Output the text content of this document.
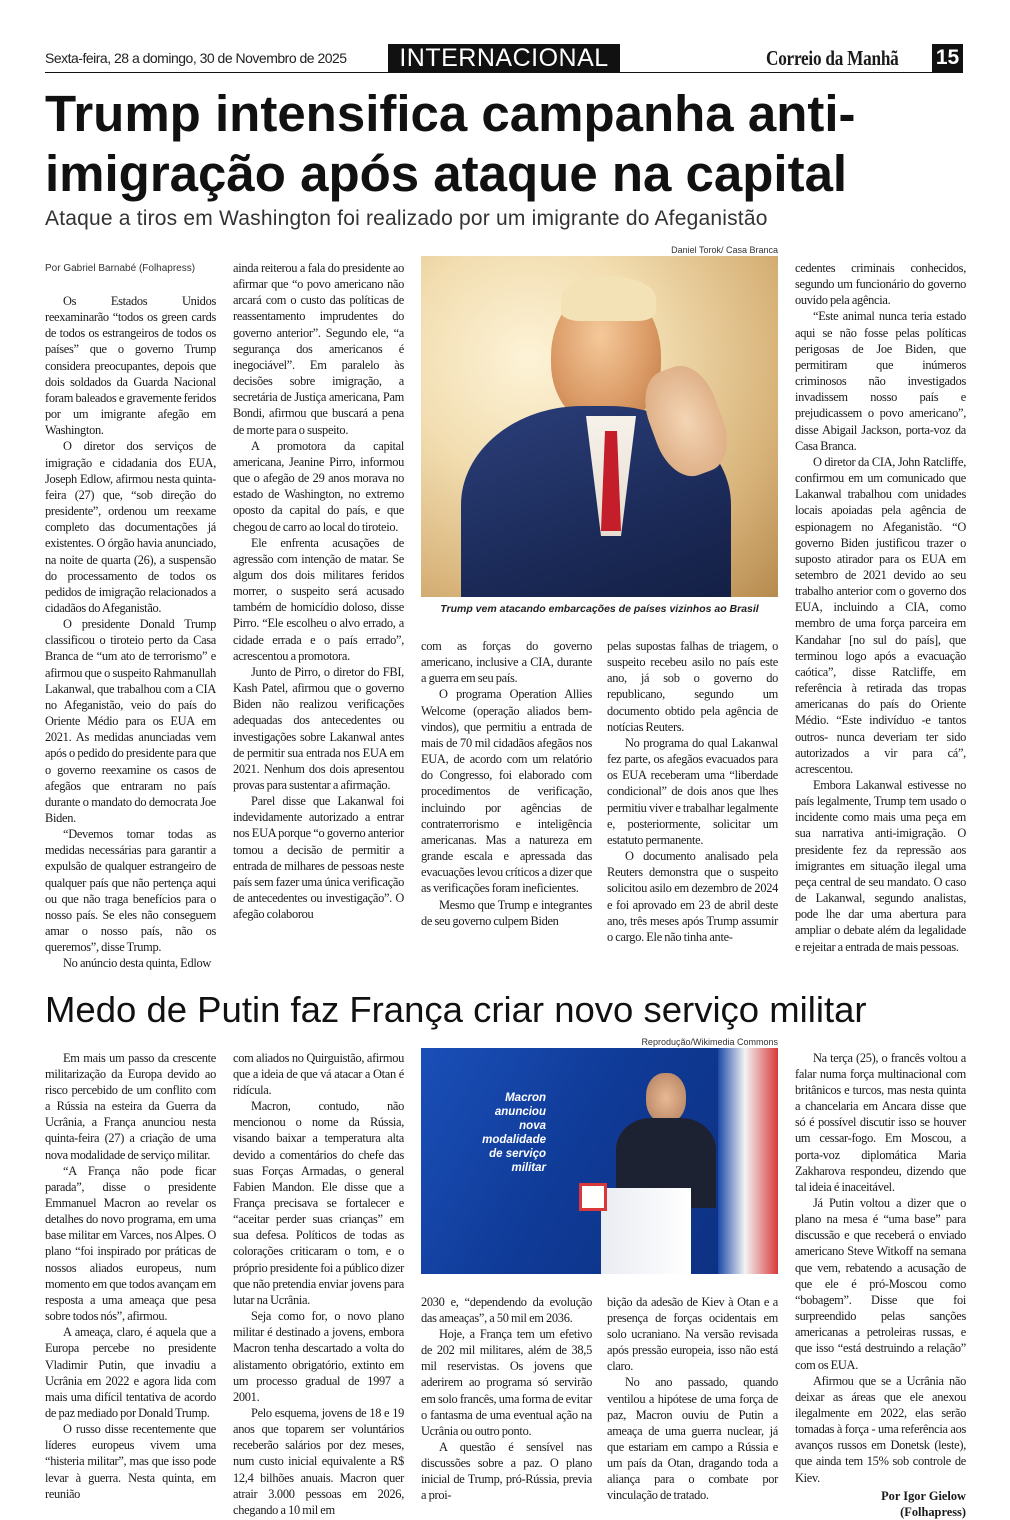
Sexta-feira, 28 a domingo, 30 de Novembro de 2025	INTERNACIONAL	Correio da Manhã 15
Trump intensifica campanha anti-
imigração após ataque na capital
Ataque a tiros em Washington foi realizado por um imigrante do Afeganistão
Por Gabriel Barnabé (Folhapress)

Os Estados Unidos reexaminarão “todos os green cards de todos os estrangeiros de todos os países” que o governo Trump considera preocupantes, depois que dois soldados da Guarda Nacional foram baleados e gravemente feridos por um imigrante afegão em Washington.

O diretor dos serviços de imigração e cidadania dos EUA, Joseph Edlow, afirmou nesta quinta-feira (27) que, “sob direção do presidente”, ordenou um reexame completo das documentações já existentes. O órgão havia anunciado, na noite de quarta (26), a suspensão do processamento de todos os pedidos de imigração relacionados a cidadãos do Afeganistão.

O presidente Donald Trump classificou o tiroteio perto da Casa Branca de “um ato de terrorismo” e afirmou que o suspeito Rahmanullah Lakanwal, que trabalhou com a CIA no Afeganistão, veio do país do Oriente Médio para os EUA em 2021. As medidas anunciadas vem após o pedido do presidente para que o governo reexamine os casos de afegãos que entraram no país durante o mandato do democrata Joe Biden.

“Devemos tomar todas as medidas necessárias para garantir a expulsão de qualquer estrangeiro de qualquer país que não pertença aqui ou que não traga benefícios para o nosso país. Se eles não conseguem amar o nosso país, não os queremos”, disse Trump.

No anúncio desta quinta, Edlow

ainda reiterou a fala do presidente ao afirmar que “o povo americano não arcará com o custo das políticas de reassentamento imprudentes do governo anterior”. Segundo ele, “a segurança dos americanos é inegociável”. Em paralelo às decisões sobre imigração, a secretária de Justiça americana, Pam Bondi, afirmou que buscará a pena de morte para o suspeito.

A promotora da capital americana, Jeanine Pirro, informou que o afegão de 29 anos morava no estado de Washington, no extremo oposto da capital do país, e que chegou de carro ao local do tiroteio.

Ele enfrenta acusações de agressão com intenção de matar. Se algum dos dois militares feridos morrer, o suspeito será acusado também de homicídio doloso, disse Pirro. “Ele escolheu o alvo errado, a cidade errada e o país errado”, acrescentou a promotora.

Junto de Pirro, o diretor do FBI, Kash Patel, afirmou que o governo Biden não realizou verificações adequadas dos antecedentes ou investigações sobre Lakanwal antes de permitir sua entrada nos EUA em 2021. Nenhum dos dois apresentou provas para sustentar a afirmação.

Parel disse que Lakanwal foi indevidamente autorizado a entrar nos EUA porque “o governo anterior tomou a decisão de permitir a entrada de milhares de pessoas neste país sem fazer uma única verificação de antecedentes ou investigação”. O afegão colaborou

Daniel Torok/ Casa Branca
Trump vem atacando embarcações de países vizinhos ao Brasil

com as forças do governo americano, inclusive a CIA, durante a guerra em seu país.

O programa Operation Allies Welcome (operação aliados bem-vindos), que permitiu a entrada de mais de 70 mil cidadãos afegãos nos EUA, de acordo com um relatório do Congresso, foi elaborado com procedimentos de verificação, incluindo por agências de contraterrorismo e inteligência americanas. Mas a natureza em grande escala e apressada das evacuações levou críticos a dizer que as verificações foram ineficientes.

Mesmo que Trump e integrantes de seu governo culpem Biden

pelas supostas falhas de triagem, o suspeito recebeu asilo no país este ano, já sob o governo do republicano, segundo um documento obtido pela agência de notícias Reuters.

No programa do qual Lakanwal fez parte, os afegãos evacuados para os EUA receberam uma “liberdade condicional” de dois anos que lhes permitiu viver e trabalhar legalmente e, posteriormente, solicitar um estatuto permanente.

O documento analisado pela Reuters demonstra que o suspeito solicitou asilo em dezembro de 2024 e foi aprovado em 23 de abril deste ano, três meses após Trump assumir o cargo. Ele não tinha ante-

cedentes criminais conhecidos, segundo um funcionário do governo ouvido pela agência.

“Este animal nunca teria estado aqui se não fosse pelas políticas perigosas de Joe Biden, que permitiram que inúmeros criminosos não investigados invadissem nosso país e prejudicassem o povo americano”, disse Abigail Jackson, porta-voz da Casa Branca.

O diretor da CIA, John Ratcliffe, confirmou em um comunicado que Lakanwal trabalhou com unidades locais apoiadas pela agência de espionagem no Afeganistão. “O governo Biden justificou trazer o suposto atirador para os EUA em setembro de 2021 devido ao seu trabalho anterior com o governo dos EUA, incluindo a CIA, como membro de uma força parceira em Kandahar [no sul do país], que terminou logo após a evacuação caótica”, disse Ratcliffe, em referência à retirada das tropas americanas do país do Oriente Médio. “Este indivíduo -e tantos outros- nunca deveriam ter sido autorizados a vir para cá”, acrescentou.

Embora Lakanwal estivesse no país legalmente, Trump tem usado o incidente como mais uma peça em sua narrativa anti-imigração. O presidente fez da repressão aos imigrantes em situação ilegal uma peça central de seu mandato. O caso de Lakanwal, segundo analistas, pode lhe dar uma abertura para ampliar o debate além da legalidade e rejeitar a entrada de mais pessoas.

Medo de Putin faz França criar novo serviço militar

Em mais um passo da crescente militarização da Europa devido ao risco percebido de um conflito com a Rússia na esteira da Guerra da Ucrânia, a França anunciou nesta quinta-feira (27) a criação de uma nova modalidade de serviço militar.

“A França não pode ficar parada”, disse o presidente Emmanuel Macron ao revelar os detalhes do novo programa, em uma base militar em Varces, nos Alpes. O plano “foi inspirado por práticas de nossos aliados europeus, num momento em que todos avançam em resposta a uma ameaça que pesa sobre todos nós”, afirmou.

A ameaça, claro, é aquela que a Europa percebe no presidente Vladimir Putin, que invadiu a Ucrânia em 2022 e agora lida com mais uma difícil tentativa de acordo de paz mediado por Donald Trump.

O russo disse recentemente que líderes europeus vivem uma “histeria militar”, mas que isso pode levar à guerra. Nesta quinta, em reunião

com aliados no Quirguistão, afirmou que a ideia de que vá atacar a Otan é ridícula.

Macron, contudo, não mencionou o nome da Rússia, visando baixar a temperatura alta devido a comentários do chefe das suas Forças Armadas, o general Fabien Mandon. Ele disse que a França precisava se fortalecer e “aceitar perder suas crianças” em sua defesa. Políticos de todas as colorações criticaram o tom, e o próprio presidente foi a público dizer que não pretendia enviar jovens para lutar na Ucrânia.

Seja como for, o novo plano militar é destinado a jovens, embora Macron tenha descartado a volta do alistamento obrigatório, extinto em um processo gradual de 1997 a 2001.

Pelo esquema, jovens de 18 e 19 anos que toparem ser voluntários receberão salários por dez meses, num custo inicial equivalente a R$ 12,4 bilhões anuais. Macron quer atrair 3.000 pessoas em 2026, chegando a 10 mil em

Reprodução/Wikimedia Commons
Macron
anunciou
nova
modalidade
de serviço
militar

2030 e, “dependendo da evolução das ameaças”, a 50 mil em 2036.

Hoje, a França tem um efetivo de 202 mil militares, além de 38,5 mil reservistas. Os jovens que aderirem ao programa só servirão em solo francês, uma forma de evitar o fantasma de uma eventual ação na Ucrânia ou outro ponto.

A questão é sensível nas discussões sobre a paz. O plano inicial de Trump, pró-Rússia, previa a proi-

bição da adesão de Kiev à Otan e a presença de forças ocidentais em solo ucraniano. Na versão revisada após pressão europeia, isso não está claro.

No ano passado, quando ventilou a hipótese de uma força de paz, Macron ouviu de Putin a ameaça de uma guerra nuclear, já que estariam em campo a Rússia e um país da Otan, dragando toda a aliança para o combate por vinculação de tratado.

Na terça (25), o francês voltou a falar numa força multinacional com britânicos e turcos, mas nesta quinta a chancelaria em Ancara disse que só é possível discutir isso se houver um cessar-fogo. Em Moscou, a porta-voz diplomática Maria Zakharova respondeu, dizendo que tal ideia é inaceitável.

Já Putin voltou a dizer que o plano na mesa é “uma base” para discussão e que receberá o enviado americano Steve Witkoff na semana que vem, rebatendo a acusação de que ele é pró-Moscou como “bobagem”. Disse que foi surpreendido pelas sanções americanas a petroleiras russas, e que isso “está destruindo a relação” com os EUA.

Afirmou que se a Ucrânia não deixar as áreas que ele anexou ilegalmente em 2022, elas serão tomadas à força - uma referência aos avanços russos em Donetsk (leste), que ainda tem 15% sob controle de Kiev.

Por Igor Gielow
(Folhapress)
